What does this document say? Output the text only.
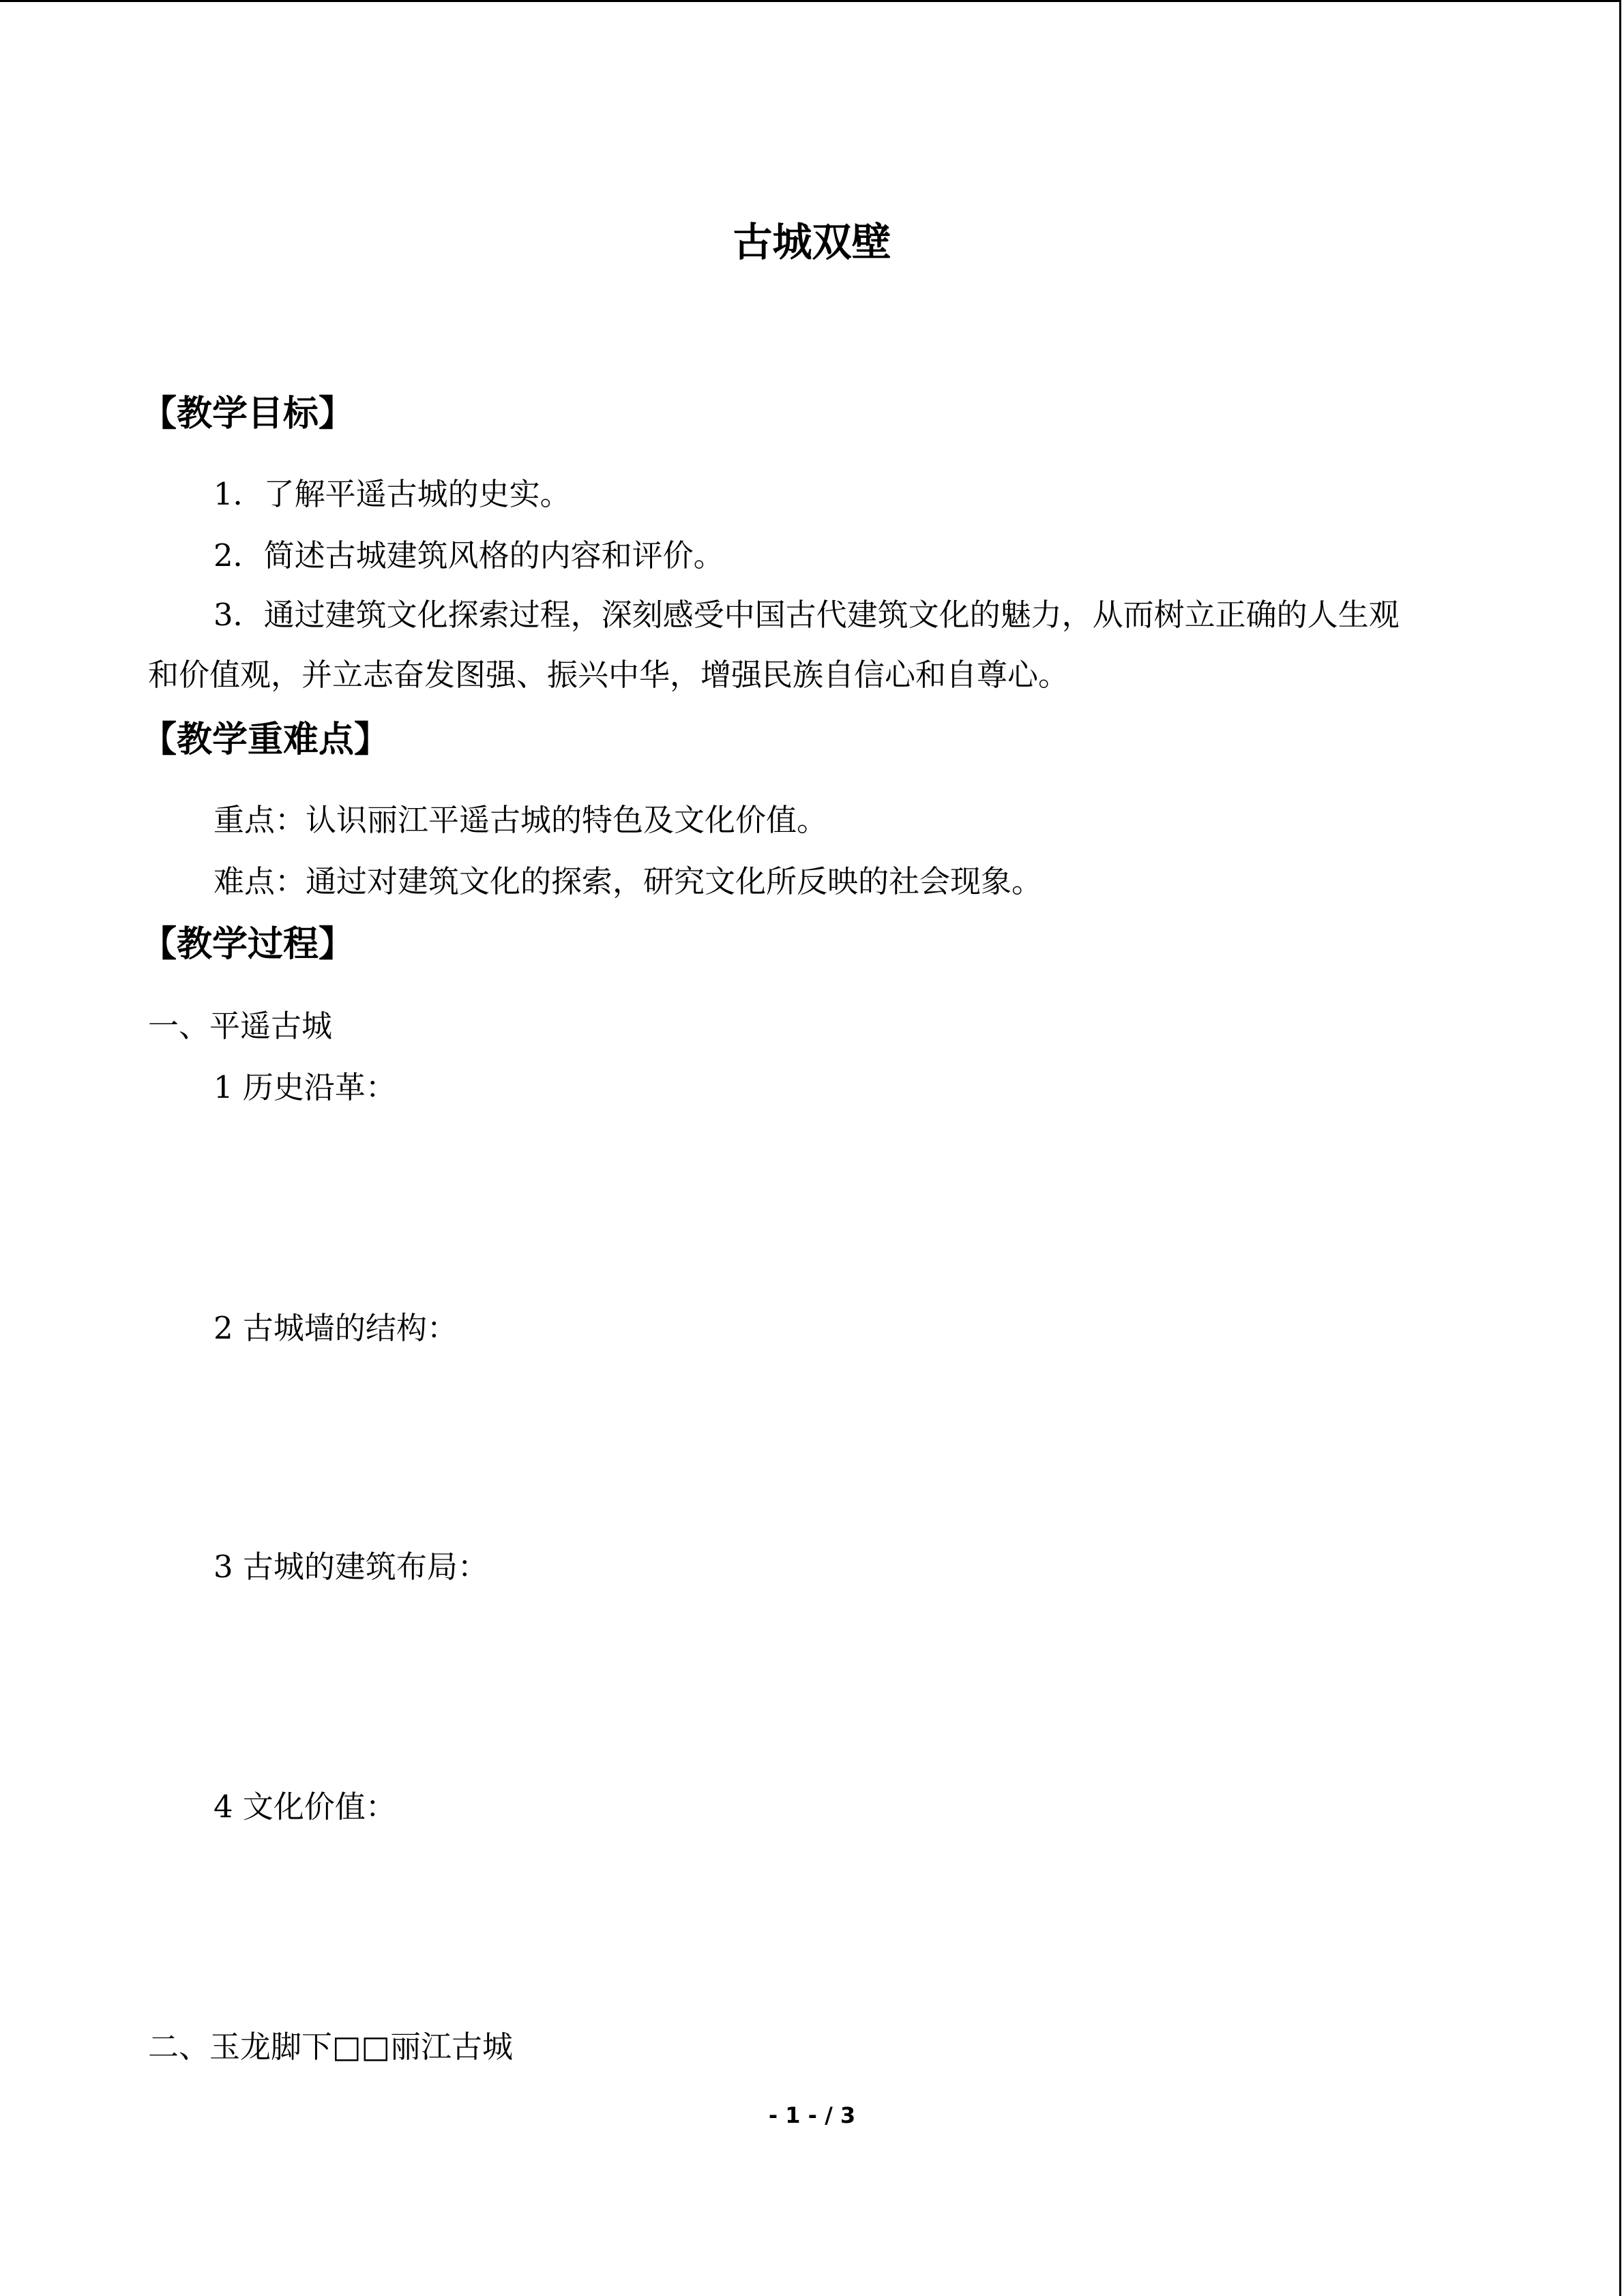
古城双壁
【教学目标】
1．了解平遥古城的史实。
2．简述古城建筑风格的内容和评价。
3．通过建筑文化探索过程，深刻感受中国古代建筑文化的魅力，从而树立正确的人生观
和价值观，并立志奋发图强、振兴中华，增强民族自信心和自尊心。
【教学重难点】
重点：认识丽江平遥古城的特色及文化价值。
难点：通过对建筑文化的探索，研究文化所反映的社会现象。
【教学过程】
一、平遥古城
1 历史沿革：
2 古城墙的结构：
3 古城的建筑布局：
4 文化价值：
二、玉龙脚下□□丽江古城
- 1 - / 3
